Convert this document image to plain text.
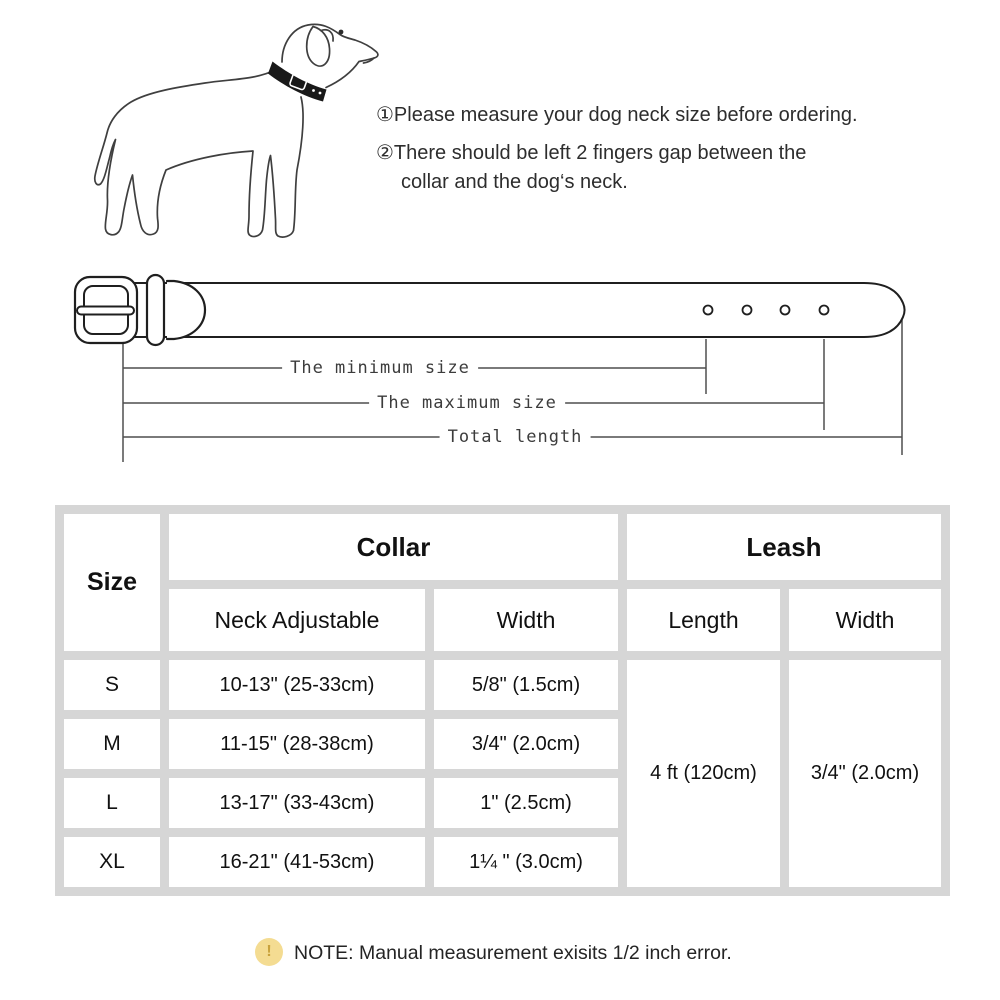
①Please measure your dog neck size before ordering.
②There should be left 2 fingers gap between the
collar and the dog‘s neck.
The minimum size
The maximum size
Total length
Size	Collar		Leash	
	Neck Adjustable	Width	Length	Width
S	10-13" (25-33cm)	5/8" (1.5cm)	4 ft (120cm)	3/4" (2.0cm)
M	11-15" (28-38cm)	3/4" (2.0cm)		
L	13-17" (33-43cm)	1" (2.5cm)		
XL	16-21" (41-53cm)	1¼ " (3.0cm)		
!	NOTE: Manual measurement exisits 1/2 inch error.
